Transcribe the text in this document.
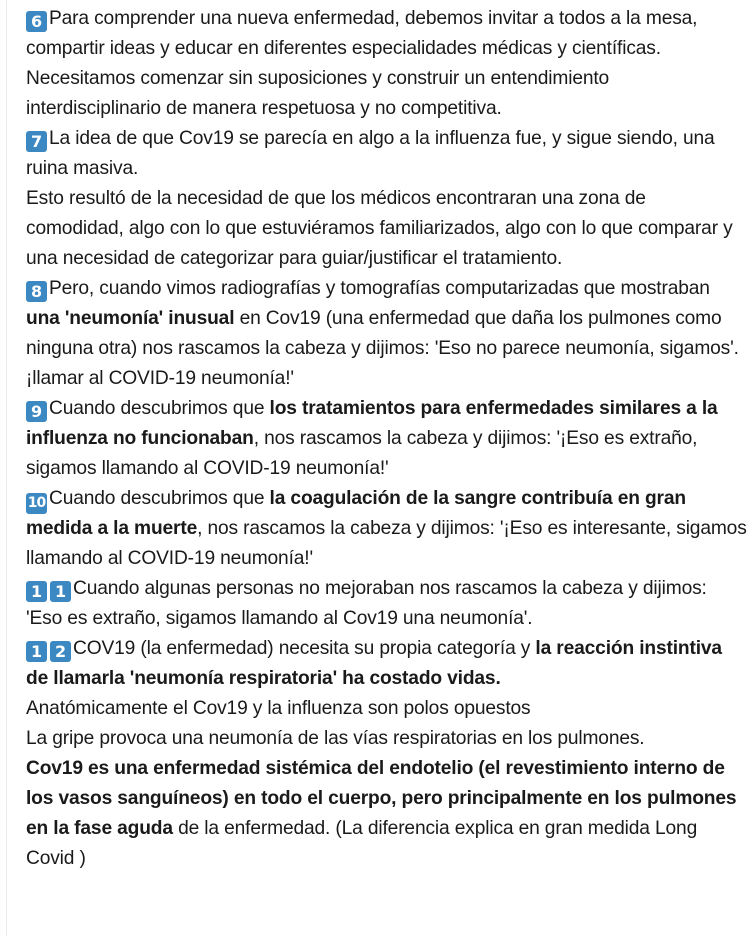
6 Para comprender una nueva enfermedad, debemos invitar a todos a la mesa, compartir ideas y educar en diferentes especialidades médicas y científicas.
Necesitamos comenzar sin suposiciones y construir un entendimiento interdisciplinario de manera respetuosa y no competitiva.
7 La idea de que Cov19 se parecía en algo a la influenza fue, y sigue siendo, una ruina masiva.
Esto resultó de la necesidad de que los médicos encontraran una zona de comodidad, algo con lo que estuviéramos familiarizados, algo con lo que comparar y una necesidad de categorizar para guiar/justificar el tratamiento.
8 Pero, cuando vimos radiografías y tomografías computarizadas que mostraban una 'neumonía' inusual en Cov19 (una enfermedad que daña los pulmones como ninguna otra) nos rascamos la cabeza y dijimos: 'Eso no parece neumonía, sigamos'. ¡llamar al COVID-19 neumonía!'
9 Cuando descubrimos que los tratamientos para enfermedades similares a la influenza no funcionaban, nos rascamos la cabeza y dijimos: '¡Eso es extraño, sigamos llamando al COVID-19 neumonía!'
10 Cuando descubrimos que la coagulación de la sangre contribuía en gran medida a la muerte, nos rascamos la cabeza y dijimos: '¡Eso es interesante, sigamos llamando al COVID-19 neumonía!'
1 1 Cuando algunas personas no mejoraban nos rascamos la cabeza y dijimos: 'Eso es extraño, sigamos llamando al Cov19 una neumonía'.
1 2 COV19 (la enfermedad) necesita su propia categoría y la reacción instintiva de llamarla 'neumonía respiratoria' ha costado vidas.
Anatómicamente el Cov19 y la influenza son polos opuestos
La gripe provoca una neumonía de las vías respiratorias en los pulmones.
Cov19 es una enfermedad sistémica del endotelio (el revestimiento interno de los vasos sanguíneos) en todo el cuerpo, pero principalmente en los pulmones en la fase aguda de la enfermedad. (La diferencia explica en gran medida Long Covid )
